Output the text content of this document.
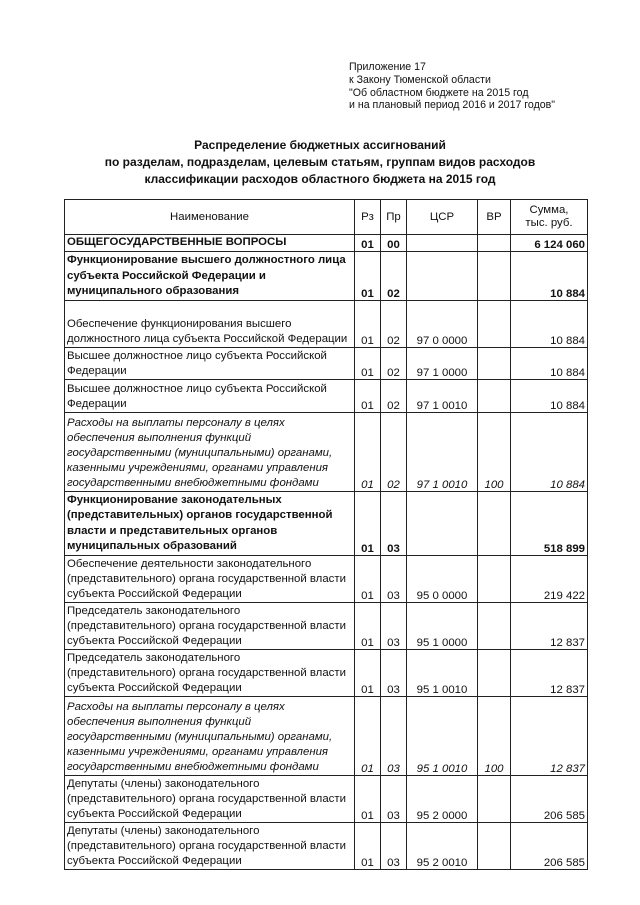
Приложение 17
к Закону Тюменской области
"Об областном бюджете на 2015 год
и на плановый период 2016 и 2017 годов"
Распределение бюджетных ассигнований
по разделам, подразделам, целевым статьям, группам видов расходов
классификации расходов областного бюджета на 2015 год
Наименование	Рз	Пр	ЦСР	ВР	Сумма,
тыс. руб.

ОБЩЕГОСУДАРСТВЕННЫЕ ВОПРОСЫ	01	00			6 124 060
Функционирование высшего должностного лица субъекта Российской Федерации и муниципального образования	01	02			10 884
Обеспечение функционирования высшего должностного лица субъекта Российской Федерации	01	02	97 0 0000		10 884
Высшее должностное лицо субъекта Российской Федерации	01	02	97 1 0000		10 884
Высшее должностное лицо субъекта Российской Федерации	01	02	97 1 0010		10 884
Расходы на выплаты персоналу в целях обеспечения выполнения функций государственными (муниципальными) органами, казенными учреждениями, органами управления государственными внебюджетными фондами	01	02	97 1 0010	100	10 884
Функционирование законодательных (представительных) органов государственной власти и представительных органов муниципальных образований	01	03			518 899
Обеспечение деятельности законодательного (представительного) органа государственной власти субъекта Российской Федерации	01	03	95 0 0000		219 422
Председатель законодательного (представительного) органа государственной власти субъекта Российской Федерации	01	03	95 1 0000		12 837
Председатель законодательного (представительного) органа государственной власти субъекта Российской Федерации	01	03	95 1 0010		12 837
Расходы на выплаты персоналу в целях обеспечения выполнения функций государственными (муниципальными) органами, казенными учреждениями, органами управления государственными внебюджетными фондами	01	03	95 1 0010	100	12 837
Депутаты (члены) законодательного (представительного) органа государственной власти субъекта Российской Федерации	01	03	95 2 0000		206 585
Депутаты (члены) законодательного (представительного) органа государственной власти субъекта Российской Федерации	01	03	95 2 0010		206 585
